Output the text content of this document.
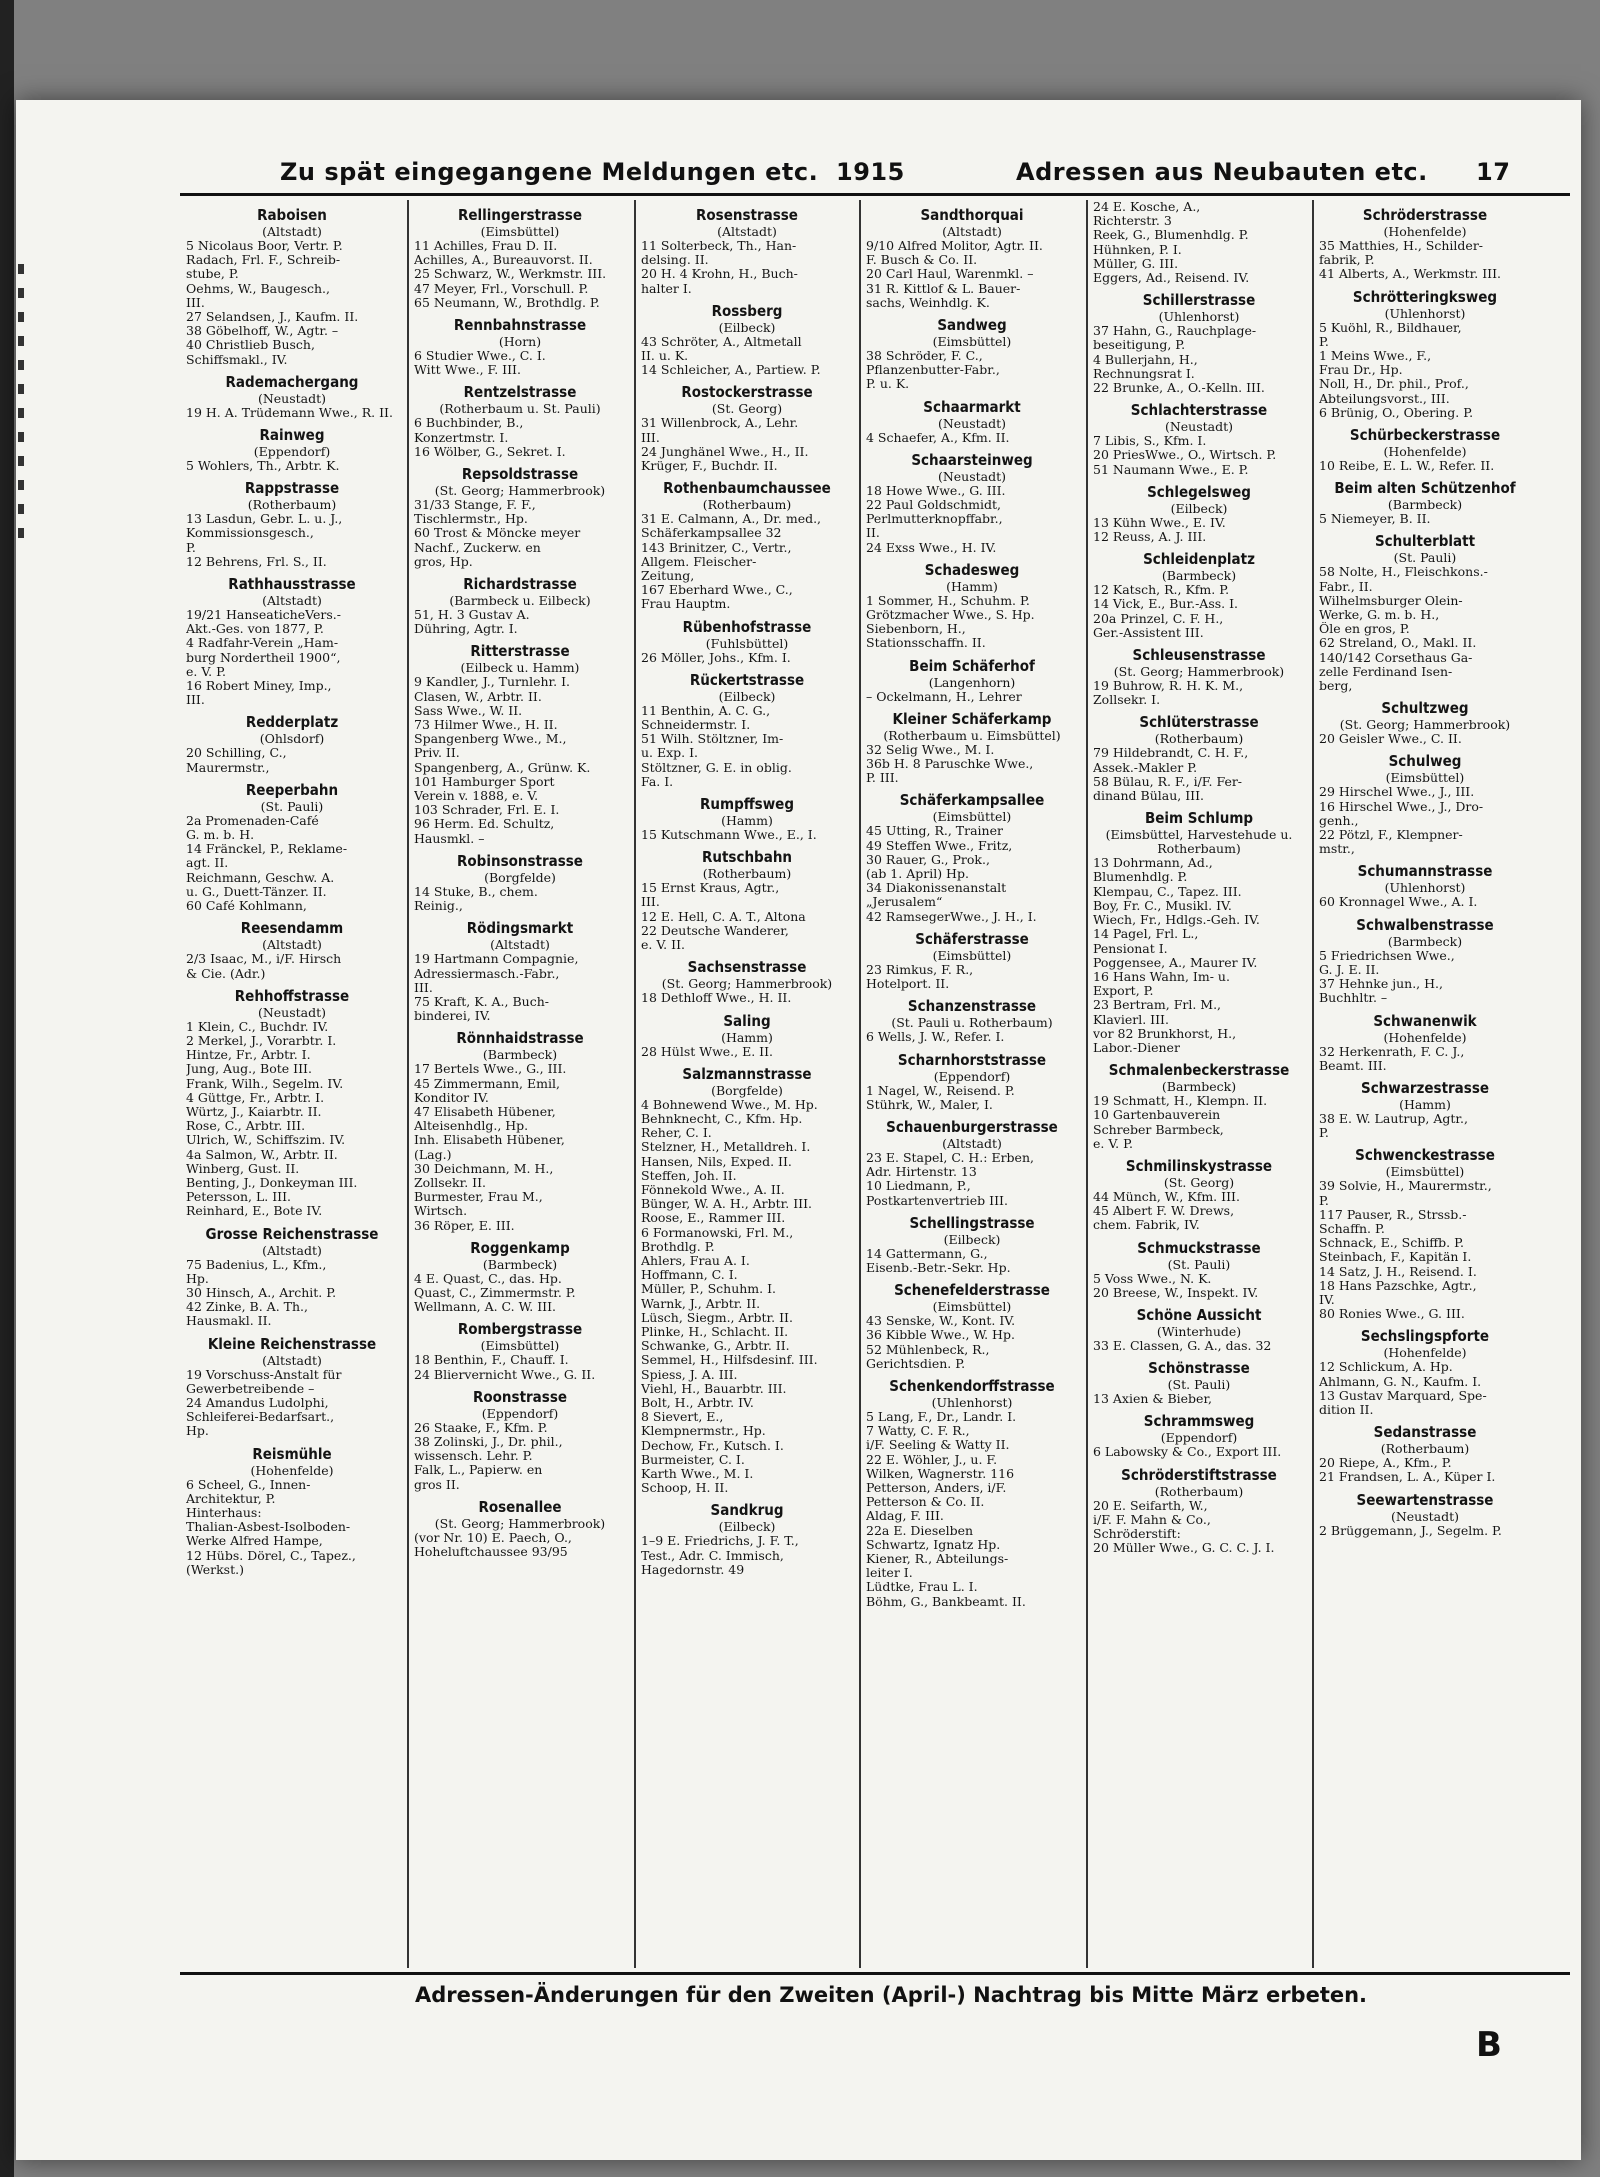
Zu spät eingegangene Meldungen etc. 1915	Adressen aus Neubauten etc. 17
Raboisen
(Altstadt)
5 Nicolaus Boor, Vertr. P.
Radach, Frl. F., Schreib-
stube, P.
Oehms, W., Baugesch.,
III.
27 Selandsen, J., Kaufm. II.
38 Göbelhoff, W., Agtr. –
40 Christlieb Busch,
Schiffsmakl., IV.
Rademachergang
(Neustadt)
19 H. A. Trüdemann Wwe., R. II.
Rainweg
(Eppendorf)
5 Wohlers, Th., Arbtr. K.
Rappstrasse
(Rotherbaum)
13 Lasdun, Gebr. L. u. J.,
Kommissionsgesch.,
P.
12 Behrens, Frl. S., II.
Rathhausstrasse
(Altstadt)
19/21 HanseaticheVers.-
Akt.-Ges. von 1877, P.
4 Radfahr-Verein „Ham-
burg Nordertheil 1900“,
e. V. P.
16 Robert Miney, Imp.,
III.
Redderplatz
(Ohlsdorf)
20 Schilling, C.,
Maurermstr.,
Reeperbahn
(St. Pauli)
2a Promenaden-Café
G. m. b. H.
14 Fränckel, P., Reklame-
agt. II.
Reichmann, Geschw. A.
u. G., Duett-Tänzer. II.
60 Café Kohlmann,
Reesendamm
(Altstadt)
2/3 Isaac, M., i/F. Hirsch
& Cie. (Adr.)
Rehhoffstrasse
(Neustadt)
1 Klein, C., Buchdr. IV.
2 Merkel, J., Vorarbtr. I.
Hintze, Fr., Arbtr. I.
Jung, Aug., Bote III.
Frank, Wilh., Segelm. IV.
4 Güttge, Fr., Arbtr. I.
Würtz, J., Kaiarbtr. II.
Rose, C., Arbtr. III.
Ulrich, W., Schiffszim. IV.
4a Salmon, W., Arbtr. II.
Winberg, Gust. II.
Benting, J., Donkeyman III.
Petersson, L. III.
Reinhard, E., Bote IV.
Grosse Reichenstrasse
(Altstadt)
75 Badenius, L., Kfm.,
Hp.
30 Hinsch, A., Archit. P.
42 Zinke, B. A. Th.,
Hausmakl. II.
Kleine Reichenstrasse
(Altstadt)
19 Vorschuss-Anstalt für
Gewerbetreibende –
24 Amandus Ludolphi,
Schleiferei-Bedarfsart.,
Hp.
Reismühle
(Hohenfelde)
6 Scheel, G., Innen-
Architektur, P.
Hinterhaus:
Thalian-Asbest-Isolboden-
Werke Alfred Hampe,
12 Hübs. Dörel, C., Tapez.,
(Werkst.)
Rellingerstrasse
(Eimsbüttel)
11 Achilles, Frau D. II.
Achilles, A., Bureauvorst. II.
25 Schwarz, W., Werkmstr. III.
47 Meyer, Frl., Vorschull. P.
65 Neumann, W., Brothdlg. P.
Rennbahnstrasse
(Horn)
6 Studier Wwe., C. I.
Witt Wwe., F. III.
Rentzelstrasse
(Rotherbaum u. St. Pauli)
6 Buchbinder, B.,
Konzertmstr. I.
16 Wölber, G., Sekret. I.
Repsoldstrasse
(St. Georg; Hammerbrook)
31/33 Stange, F. F.,
Tischlermstr., Hp.
60 Trost & Möncke meyer
Nachf., Zuckerw. en
gros, Hp.
Richardstrasse
(Barmbeck u. Eilbeck)
51, H. 3 Gustav A.
Dühring, Agtr. I.
Ritterstrasse
(Eilbeck u. Hamm)
9 Kandler, J., Turnlehr. I.
Clasen, W., Arbtr. II.
Sass Wwe., W. II.
73 Hilmer Wwe., H. II.
Spangenberg Wwe., M.,
Priv. II.
Spangenberg, A., Grünw. K.
101 Hamburger Sport
Verein v. 1888, e. V.
103 Schrader, Frl. E. I.
96 Herm. Ed. Schultz,
Hausmkl. –
Robinsonstrasse
(Borgfelde)
14 Stuke, B., chem.
Reinig.,
Rödingsmarkt
(Altstadt)
19 Hartmann Compagnie,
Adressiermasch.-Fabr.,
III.
75 Kraft, K. A., Buch-
binderei, IV.
Rönnhaidstrasse
(Barmbeck)
17 Bertels Wwe., G., III.
45 Zimmermann, Emil,
Konditor IV.
47 Elisabeth Hübener,
Alteisenhdlg., Hp.
Inh. Elisabeth Hübener,
(Lag.)
30 Deichmann, M. H.,
Zollsekr. II.
Burmester, Frau M.,
Wirtsch.
36 Röper, E. III.
Roggenkamp
(Barmbeck)
4 E. Quast, C., das. Hp.
Quast, C., Zimmermstr. P.
Wellmann, A. C. W. III.
Rombergstrasse
(Eimsbüttel)
18 Benthin, F., Chauff. I.
24 Bliervernicht Wwe., G. II.
Roonstrasse
(Eppendorf)
26 Staake, F., Kfm. P.
38 Zolinski, J., Dr. phil.,
wissensch. Lehr. P.
Falk, L., Papierw. en
gros II.
Rosenallee
(St. Georg; Hammerbrook)
(vor Nr. 10) E. Paech, O.,
Hoheluftchaussee 93/95
Rosenstrasse
(Altstadt)
11 Solterbeck, Th., Han-
delsing. II.
20 H. 4 Krohn, H., Buch-
halter I.
Rossberg
(Eilbeck)
43 Schröter, A., Altmetall
II. u. K.
14 Schleicher, A., Partiew. P.
Rostockerstrasse
(St. Georg)
31 Willenbrock, A., Lehr.
III.
24 Junghänel Wwe., H., II.
Krüger, F., Buchdr. II.
Rothenbaumchaussee
(Rotherbaum)
31 E. Calmann, A., Dr. med.,
Schäferkampsallee 32
143 Brinitzer, C., Vertr.,
Allgem. Fleischer-
Zeitung,
167 Eberhard Wwe., C.,
Frau Hauptm.
Rübenhofstrasse
(Fuhlsbüttel)
26 Möller, Johs., Kfm. I.
Rückertstrasse
(Eilbeck)
11 Benthin, A. C. G.,
Schneidermstr. I.
51 Wilh. Stöltzner, Im-
u. Exp. I.
Stöltzner, G. E. in oblig.
Fa. I.
Rumpffsweg
(Hamm)
15 Kutschmann Wwe., E., I.
Rutschbahn
(Rotherbaum)
15 Ernst Kraus, Agtr.,
III.
12 E. Hell, C. A. T., Altona
22 Deutsche Wanderer,
e. V. II.
Sachsenstrasse
(St. Georg; Hammerbrook)
18 Dethloff Wwe., H. II.
Saling
(Hamm)
28 Hülst Wwe., E. II.
Salzmannstrasse
(Borgfelde)
4 Bohnewend Wwe., M. Hp.
Behnknecht, C., Kfm. Hp.
Reher, C. I.
Stelzner, H., Metalldreh. I.
Hansen, Nils, Exped. II.
Steffen, Joh. II.
Fönnekold Wwe., A. II.
Bünger, W. A. H., Arbtr. III.
Roose, E., Rammer III.
6 Formanowski, Frl. M.,
Brothdlg. P.
Ahlers, Frau A. I.
Hoffmann, C. I.
Müller, P., Schuhm. I.
Warnk, J., Arbtr. II.
Lüsch, Siegm., Arbtr. II.
Plinke, H., Schlacht. II.
Schwanke, G., Arbtr. II.
Semmel, H., Hilfsdesinf. III.
Spiess, J. A. III.
Viehl, H., Bauarbtr. III.
Bolt, H., Arbtr. IV.
8 Sievert, E.,
Klempnermstr., Hp.
Dechow, Fr., Kutsch. I.
Burmeister, C. I.
Karth Wwe., M. I.
Schoop, H. II.
Sandkrug
(Eilbeck)
1–9 E. Friedrichs, J. F. T.,
Test., Adr. C. Immisch,
Hagedornstr. 49
Sandthorquai
(Altstadt)
9/10 Alfred Molitor, Agtr. II.
F. Busch & Co. II.
20 Carl Haul, Warenmkl. –
31 R. Kittlof & L. Bauer-
sachs, Weinhdlg. K.
Sandweg
(Eimsbüttel)
38 Schröder, F. C.,
Pflanzenbutter-Fabr.,
P. u. K.
Schaarmarkt
(Neustadt)
4 Schaefer, A., Kfm. II.
Schaarsteinweg
(Neustadt)
18 Howe Wwe., G. III.
22 Paul Goldschmidt,
Perlmutterknopffabr.,
II.
24 Exss Wwe., H. IV.
Schadesweg
(Hamm)
1 Sommer, H., Schuhm. P.
Grötzmacher Wwe., S. Hp.
Siebenborn, H.,
Stationsschaffn. II.
Beim Schäferhof
(Langenhorn)
– Ockelmann, H., Lehrer
Kleiner Schäferkamp
(Rotherbaum u. Eimsbüttel)
32 Selig Wwe., M. I.
36b H. 8 Paruschke Wwe.,
P. III.
Schäferkampsallee
(Eimsbüttel)
45 Utting, R., Trainer
49 Steffen Wwe., Fritz,
30 Rauer, G., Prok.,
(ab 1. April) Hp.
34 Diakonissenanstalt
„Jerusalem“
42 RamsegerWwe., J. H., I.
Schäferstrasse
(Eimsbüttel)
23 Rimkus, F. R.,
Hotelport. II.
Schanzenstrasse
(St. Pauli u. Rotherbaum)
6 Wells, J. W., Refer. I.
Scharnhorststrasse
(Eppendorf)
1 Nagel, W., Reisend. P.
Stührk, W., Maler, I.
Schauenburgerstrasse
(Altstadt)
23 E. Stapel, C. H.: Erben,
Adr. Hirtenstr. 13
10 Liedmann, P.,
Postkartenvertrieb III.
Schellingstrasse
(Eilbeck)
14 Gattermann, G.,
Eisenb.-Betr.-Sekr. Hp.
Schenefelderstrasse
(Eimsbüttel)
43 Senske, W., Kont. IV.
36 Kibble Wwe., W. Hp.
52 Mühlenbeck, R.,
Gerichtsdien. P.
Schenkendorffstrasse
(Uhlenhorst)
5 Lang, F., Dr., Landr. I.
7 Watty, C. F. R.,
i/F. Seeling & Watty II.
22 E. Wöhler, J., u. F.
Wilken, Wagnerstr. 116
Petterson, Anders, i/F.
Petterson & Co. II.
Aldag, F. III.
22a E. Dieselben
Schwartz, Ignatz Hp.
Kiener, R., Abteilungs-
leiter I.
Lüdtke, Frau L. I.
Böhm, G., Bankbeamt. II.
24 E. Kosche, A.,
Richterstr. 3
Reek, G., Blumenhdlg. P.
Hühnken, P. I.
Müller, G. III.
Eggers, Ad., Reisend. IV.
Schillerstrasse
(Uhlenhorst)
37 Hahn, G., Rauchplage-
beseitigung, P.
4 Bullerjahn, H.,
Rechnungsrat I.
22 Brunke, A., O.-Kelln. III.
Schlachterstrasse
(Neustadt)
7 Libis, S., Kfm. I.
20 PriesWwe., O., Wirtsch. P.
51 Naumann Wwe., E. P.
Schlegelsweg
(Eilbeck)
13 Kühn Wwe., E. IV.
12 Reuss, A. J. III.
Schleidenplatz
(Barmbeck)
12 Katsch, R., Kfm. P.
14 Vick, E., Bur.-Ass. I.
20a Prinzel, C. F. H.,
Ger.-Assistent III.
Schleusenstrasse
(St. Georg; Hammerbrook)
19 Buhrow, R. H. K. M.,
Zollsekr. I.
Schlüterstrasse
(Rotherbaum)
79 Hildebrandt, C. H. F.,
Assek.-Makler P.
58 Bülau, R. F., i/F. Fer-
dinand Bülau, III.
Beim Schlump
(Eimsbüttel, Harvestehude u. Rotherbaum)
13 Dohrmann, Ad.,
Blumenhdlg. P.
Klempau, C., Tapez. III.
Boy, Fr. C., Musikl. IV.
Wiech, Fr., Hdlgs.-Geh. IV.
14 Pagel, Frl. L.,
Pensionat I.
Poggensee, A., Maurer IV.
16 Hans Wahn, Im- u.
Export, P.
23 Bertram, Frl. M.,
Klavierl. III.
vor 82 Brunkhorst, H.,
Labor.-Diener
Schmalenbeckerstrasse
(Barmbeck)
19 Schmatt, H., Klempn. II.
10 Gartenbauverein
Schreber Barmbeck,
e. V. P.
Schmilinskystrasse
(St. Georg)
44 Münch, W., Kfm. III.
45 Albert F. W. Drews,
chem. Fabrik, IV.
Schmuckstrasse
(St. Pauli)
5 Voss Wwe., N. K.
20 Breese, W., Inspekt. IV.
Schöne Aussicht
(Winterhude)
33 E. Classen, G. A., das. 32
Schönstrasse
(St. Pauli)
13 Axien & Bieber,
Schrammsweg
(Eppendorf)
6 Labowsky & Co., Export III.
Schröderstiftstrasse
(Rotherbaum)
20 E. Seifarth, W.,
i/F. F. Mahn & Co.,
Schröderstift:
20 Müller Wwe., G. C. C. J. I.
Schröderstrasse
(Hohenfelde)
35 Matthies, H., Schilder-
fabrik, P.
41 Alberts, A., Werkmstr. III.
Schrötteringksweg
(Uhlenhorst)
5 Kuöhl, R., Bildhauer,
P.
1 Meins Wwe., F.,
Frau Dr., Hp.
Noll, H., Dr. phil., Prof.,
Abteilungsvorst., III.
6 Brünig, O., Obering. P.
Schürbeckerstrasse
(Hohenfelde)
10 Reibe, E. L. W., Refer. II.
Beim alten Schützenhof
(Barmbeck)
5 Niemeyer, B. II.
Schulterblatt
(St. Pauli)
58 Nolte, H., Fleischkons.-
Fabr., II.
Wilhelmsburger Olein-
Werke, G. m. b. H.,
Öle en gros, P.
62 Streland, O., Makl. II.
140/142 Corsethaus Ga-
zelle Ferdinand Isen-
berg,
Schultzweg
(St. Georg; Hammerbrook)
20 Geisler Wwe., C. II.
Schulweg
(Eimsbüttel)
29 Hirschel Wwe., J., III.
16 Hirschel Wwe., J., Dro-
genh.,
22 Pötzl, F., Klempner-
mstr.,
Schumannstrasse
(Uhlenhorst)
60 Kronnagel Wwe., A. I.
Schwalbenstrasse
(Barmbeck)
5 Friedrichsen Wwe.,
G. J. E. II.
37 Hehnke jun., H.,
Buchhltr. –
Schwanenwik
(Hohenfelde)
32 Herkenrath, F. C. J.,
Beamt. III.
Schwarzestrasse
(Hamm)
38 E. W. Lautrup, Agtr.,
P.
Schwenckestrasse
(Eimsbüttel)
39 Solvie, H., Maurermstr.,
P.
117 Pauser, R., Strssb.-
Schaffn. P.
Schnack, E., Schiffb. P.
Steinbach, F., Kapitän I.
14 Satz, J. H., Reisend. I.
18 Hans Pazschke, Agtr.,
IV.
80 Ronies Wwe., G. III.
Sechslingspforte
(Hohenfelde)
12 Schlickum, A. Hp.
Ahlmann, G. N., Kaufm. I.
13 Gustav Marquard, Spe-
dition II.
Sedanstrasse
(Rotherbaum)
20 Riepe, A., Kfm., P.
21 Frandsen, L. A., Küper I.
Seewartenstrasse
(Neustadt)
2 Brüggemann, J., Segelm. P.
Adressen-Änderungen für den Zweiten (April-) Nachtrag bis Mitte März erbeten.
B
